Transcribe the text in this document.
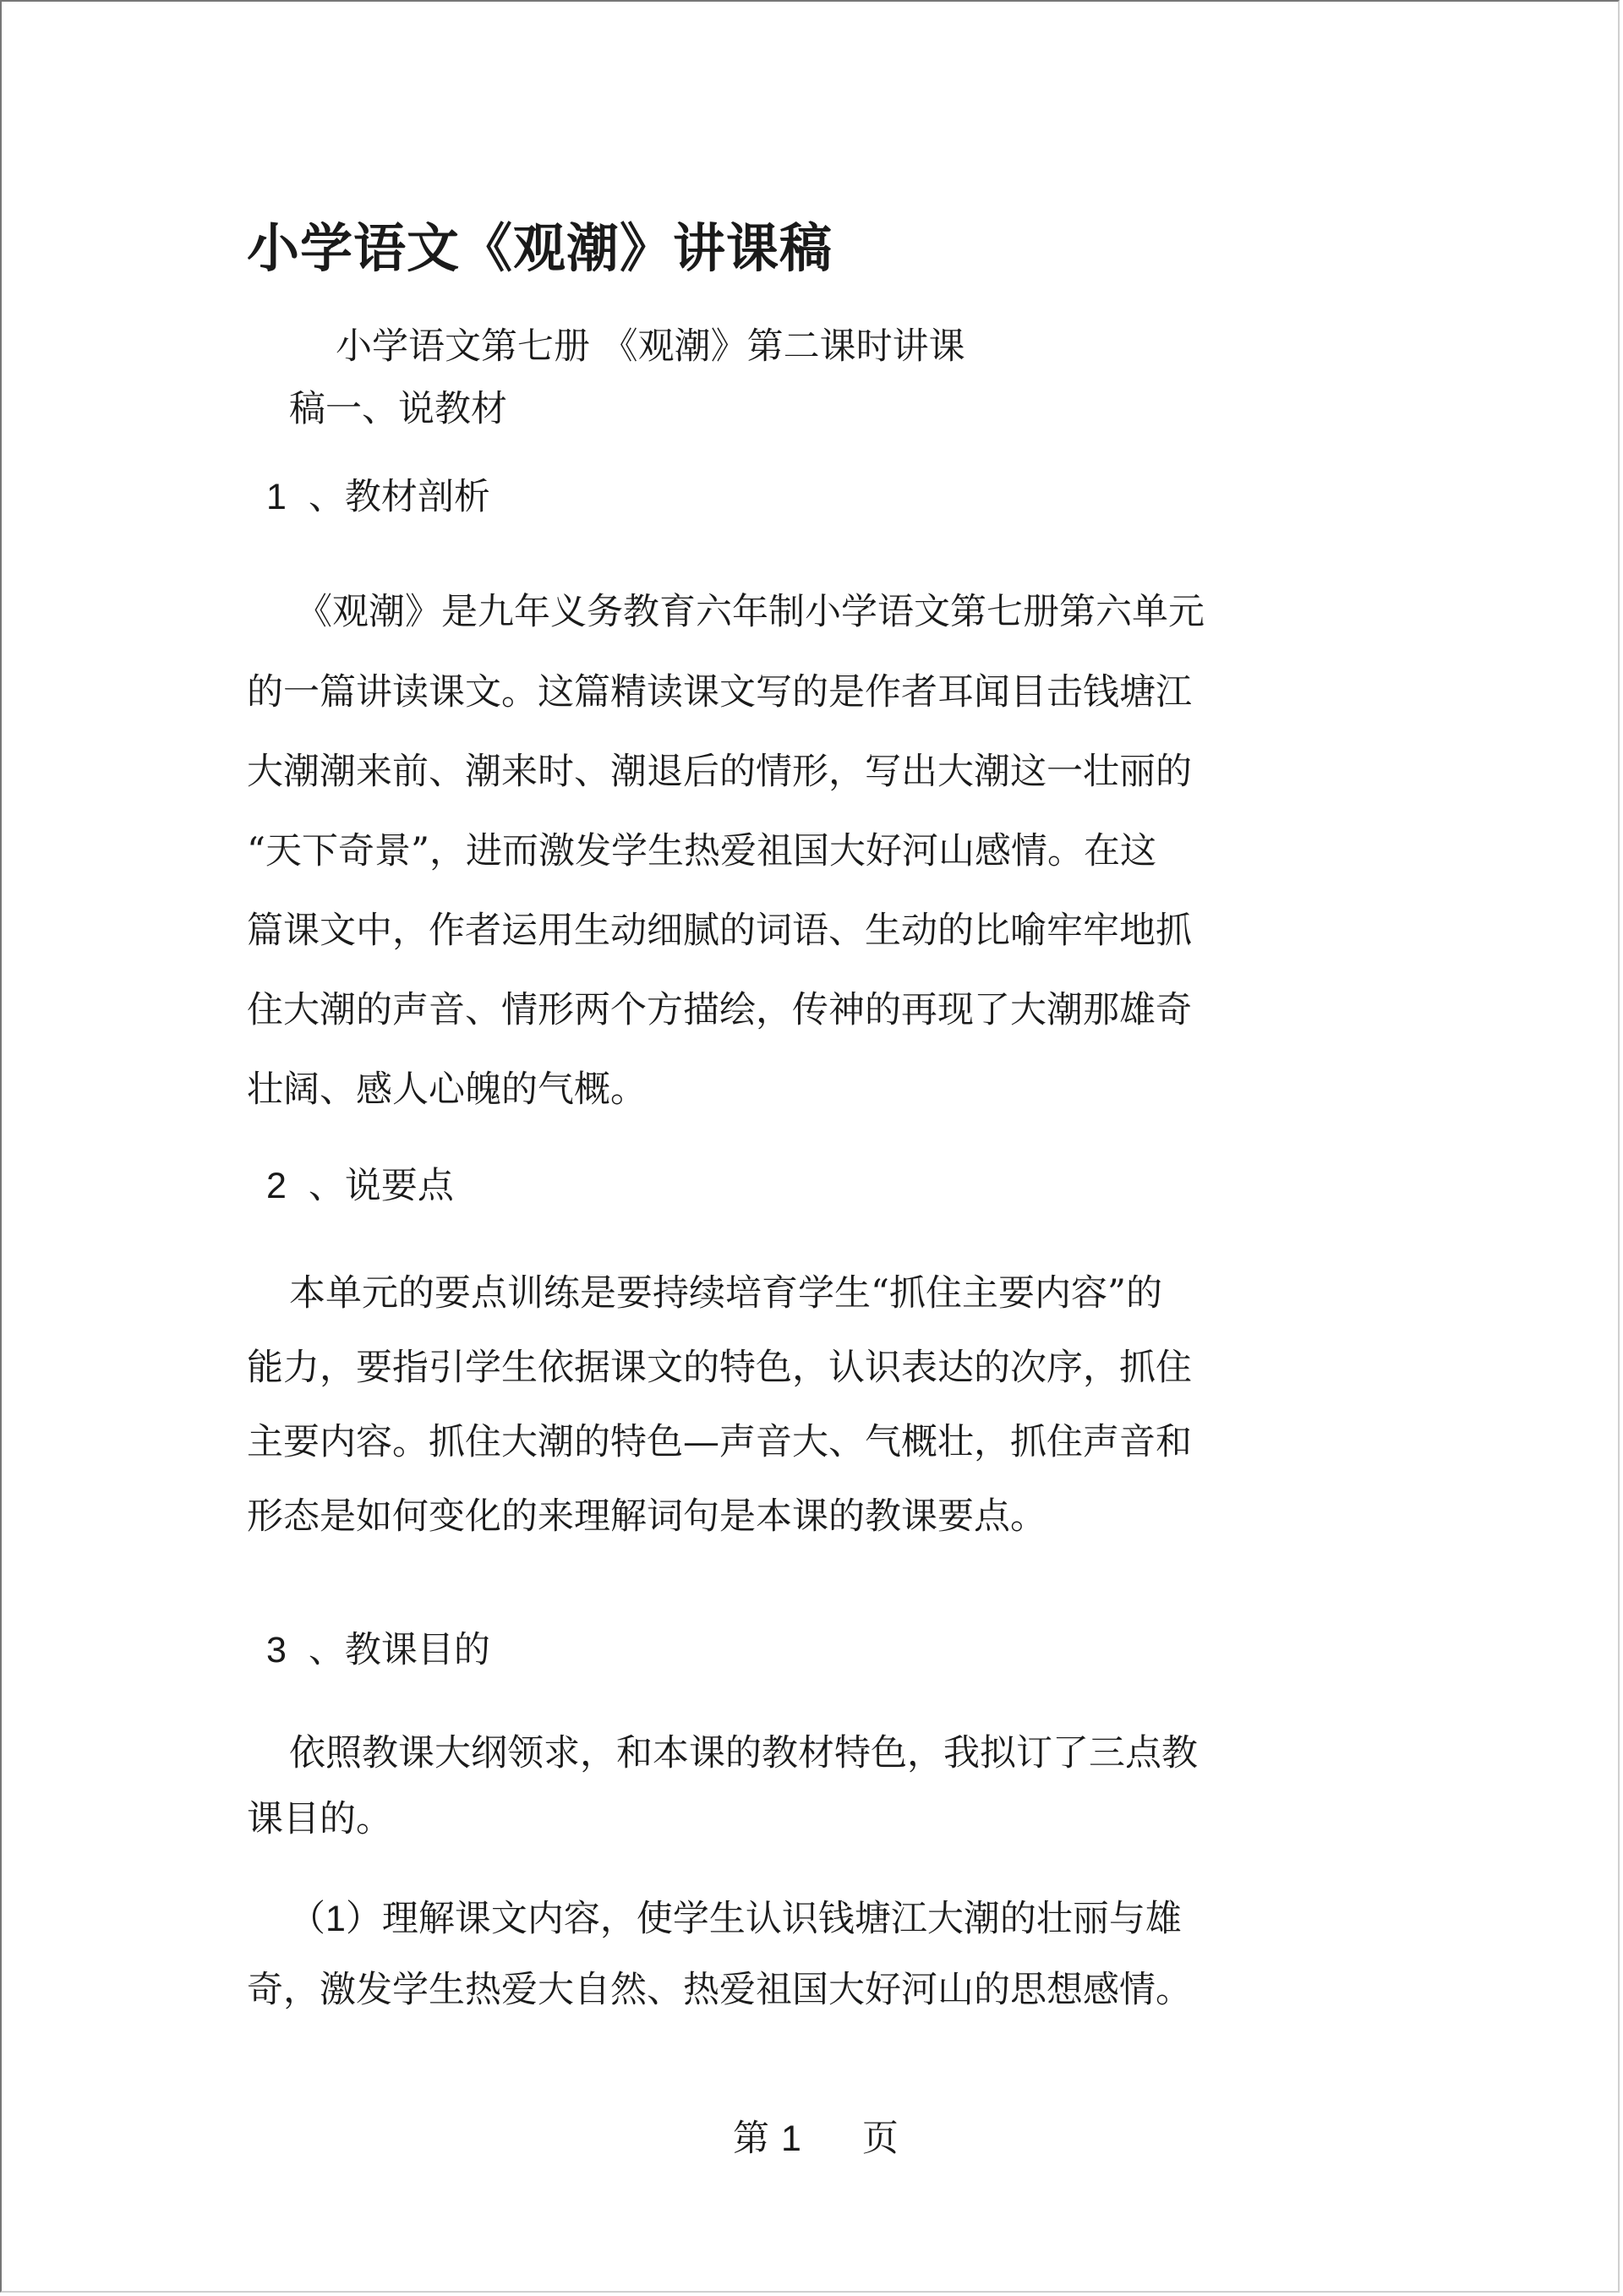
小学语文《观潮》讲课稿
小学语文第七册 《观潮》第二课时讲课
稿一、说教材
1 、教材剖析

《观潮》是九年义务教育六年制小学语文第七册第六单元

的一篇讲读课文。这篇精读课文写的是作者耳闻目击钱塘江

大潮潮来前、潮来时、潮退后的情形，写出大潮这一壮丽的

“天下奇景”，进而激发学生热爱祖国大好河山感情。在这

篇课文中，作者运用生动细腻的词语、生动的比喻牢牢地抓

住大潮的声音、情形两个方描绘，传神的再现了大潮那雄奇

壮阔、感人心魄的气概。

2 、说要点

本单元的要点训练是要持续培育学生“抓住主要内容”的

能力，要指引学生依据课文的特色，认识表达的次序，抓住

主要内容。抓住大潮的特色—声音大、气概壮，抓住声音和

形态是如何变化的来理解词句是本课的教课要点。

3 、教课目的

依照教课大纲领求，和本课的教材特色，我拟订了三点教

课目的。

（1）理解课文内容，使学生认识钱塘江大潮的壮丽与雄

奇，激发学生热爱大自然、热爱祖国大好河山的思想感情。

第 1 页
